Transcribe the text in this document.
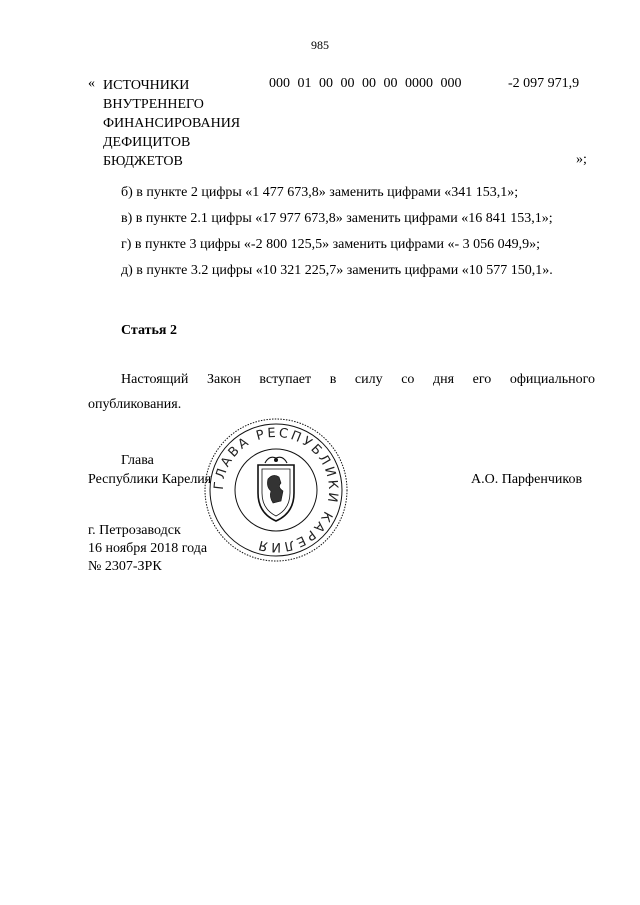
985
« ИСТОЧНИКИ
ВНУТРЕННЕГО
ФИНАНСИРОВАНИЯ
ДЕФИЦИТОВ
БЮДЖЕТОВ
000 01 00 00 00 00 0000 000	-2 097 971,9
»;
б) в пункте 2 цифры «1 477 673,8» заменить цифрами «341 153,1»;
в) в пункте 2.1 цифры «17 977 673,8» заменить цифрами «16 841 153,1»;
г) в пункте 3 цифры «-2 800 125,5» заменить цифрами «- 3 056 049,9»;
д) в пункте 3.2 цифры «10 321 225,7» заменить цифрами «10 577 150,1».
Статья 2
Настоящий Закон вступает в силу со дня его официального
опубликования.
Глава
Республики Карелия ГЛАВА РЕСПУБЛИКИ КАРЕЛИЯ
А.О. Парфенчиков
г. Петрозаводск
16 ноября 2018 года
№ 2307-ЗРК
